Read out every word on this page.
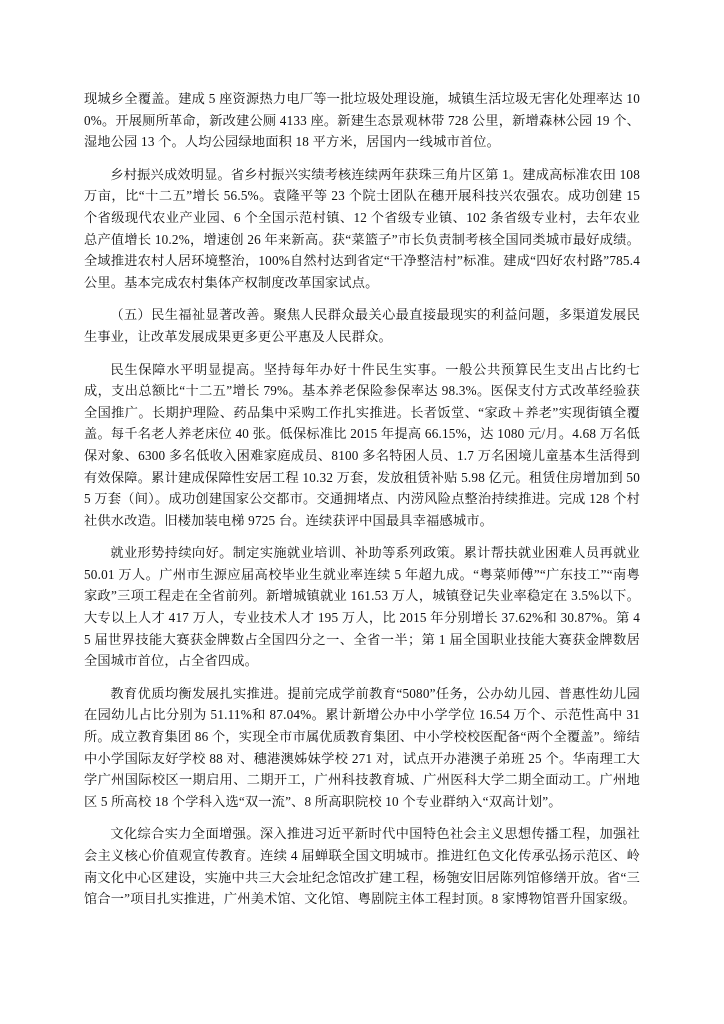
现城乡全覆盖。建成 5 座资源热力电厂等一批垃圾处理设施，城镇生活垃圾无害化处理率达 100%。开展厕所革命，新改建公厕 4133 座。新建生态景观林带 728 公里，新增森林公园 19 个、湿地公园 13 个。人均公园绿地面积 18 平方米，居国内一线城市首位。

乡村振兴成效明显。省乡村振兴实绩考核连续两年获珠三角片区第 1。建成高标准农田 108 万亩，比“十二五”增长 56.5%。袁隆平等 23 个院士团队在穗开展科技兴农强农。成功创建 15 个省级现代农业产业园、6 个全国示范村镇、12 个省级专业镇、102 条省级专业村，去年农业总产值增长 10.2%，增速创 26 年来新高。获“菜篮子”市长负责制考核全国同类城市最好成绩。全域推进农村人居环境整治，100%自然村达到省定“干净整洁村”标准。建成“四好农村路”785.4 公里。基本完成农村集体产权制度改革国家试点。

（五）民生福祉显著改善。聚焦人民群众最关心最直接最现实的利益问题，多渠道发展民生事业，让改革发展成果更多更公平惠及人民群众。

民生保障水平明显提高。坚持每年办好十件民生实事。一般公共预算民生支出占比约七成，支出总额比“十二五”增长 79%。基本养老保险参保率达 98.3%。医保支付方式改革经验获全国推广。长期护理险、药品集中采购工作扎实推进。长者饭堂、“家政＋养老”实现街镇全覆盖。每千名老人养老床位 40 张。低保标准比 2015 年提高 66.15%，达 1080 元/月。4.68 万名低保对象、6300 多名低收入困难家庭成员、8100 多名特困人员、1.7 万名困境儿童基本生活得到有效保障。累计建成保障性安居工程 10.32 万套，发放租赁补贴 5.98 亿元。租赁住房增加到 505 万套（间）。成功创建国家公交都市。交通拥堵点、内涝风险点整治持续推进。完成 128 个村社供水改造。旧楼加装电梯 9725 台。连续获评中国最具幸福感城市。

就业形势持续向好。制定实施就业培训、补助等系列政策。累计帮扶就业困难人员再就业 50.01 万人。广州市生源应届高校毕业生就业率连续 5 年超九成。“粤菜师傅”“广东技工”“南粤家政”三项工程走在全省前列。新增城镇就业 161.53 万人，城镇登记失业率稳定在 3.5%以下。大专以上人才 417 万人，专业技术人才 195 万人，比 2015 年分别增长 37.62%和 30.87%。第 45 届世界技能大赛获金牌数占全国四分之一、全省一半；第 1 届全国职业技能大赛获金牌数居全国城市首位，占全省四成。

教育优质均衡发展扎实推进。提前完成学前教育“5080”任务，公办幼儿园、普惠性幼儿园在园幼儿占比分别为 51.11%和 87.04%。累计新增公办中小学学位 16.54 万个、示范性高中 31 所。成立教育集团 86 个，实现全市市属优质教育集团、中小学校校医配备“两个全覆盖”。缔结中小学国际友好学校 88 对、穗港澳姊妹学校 271 对，试点开办港澳子弟班 25 个。华南理工大学广州国际校区一期启用、二期开工，广州科技教育城、广州医科大学二期全面动工。广州地区 5 所高校 18 个学科入选“双一流”、8 所高职院校 10 个专业群纳入“双高计划”。

文化综合实力全面增强。深入推进习近平新时代中国特色社会主义思想传播工程，加强社会主义核心价值观宣传教育。连续 4 届蝉联全国文明城市。推进红色文化传承弘扬示范区、岭南文化中心区建设，实施中共三大会址纪念馆改扩建工程，杨匏安旧居陈列馆修缮开放。省“三馆合一”项目扎实推进，广州美术馆、文化馆、粤剧院主体工程封顶。8 家博物馆晋升国家级。
